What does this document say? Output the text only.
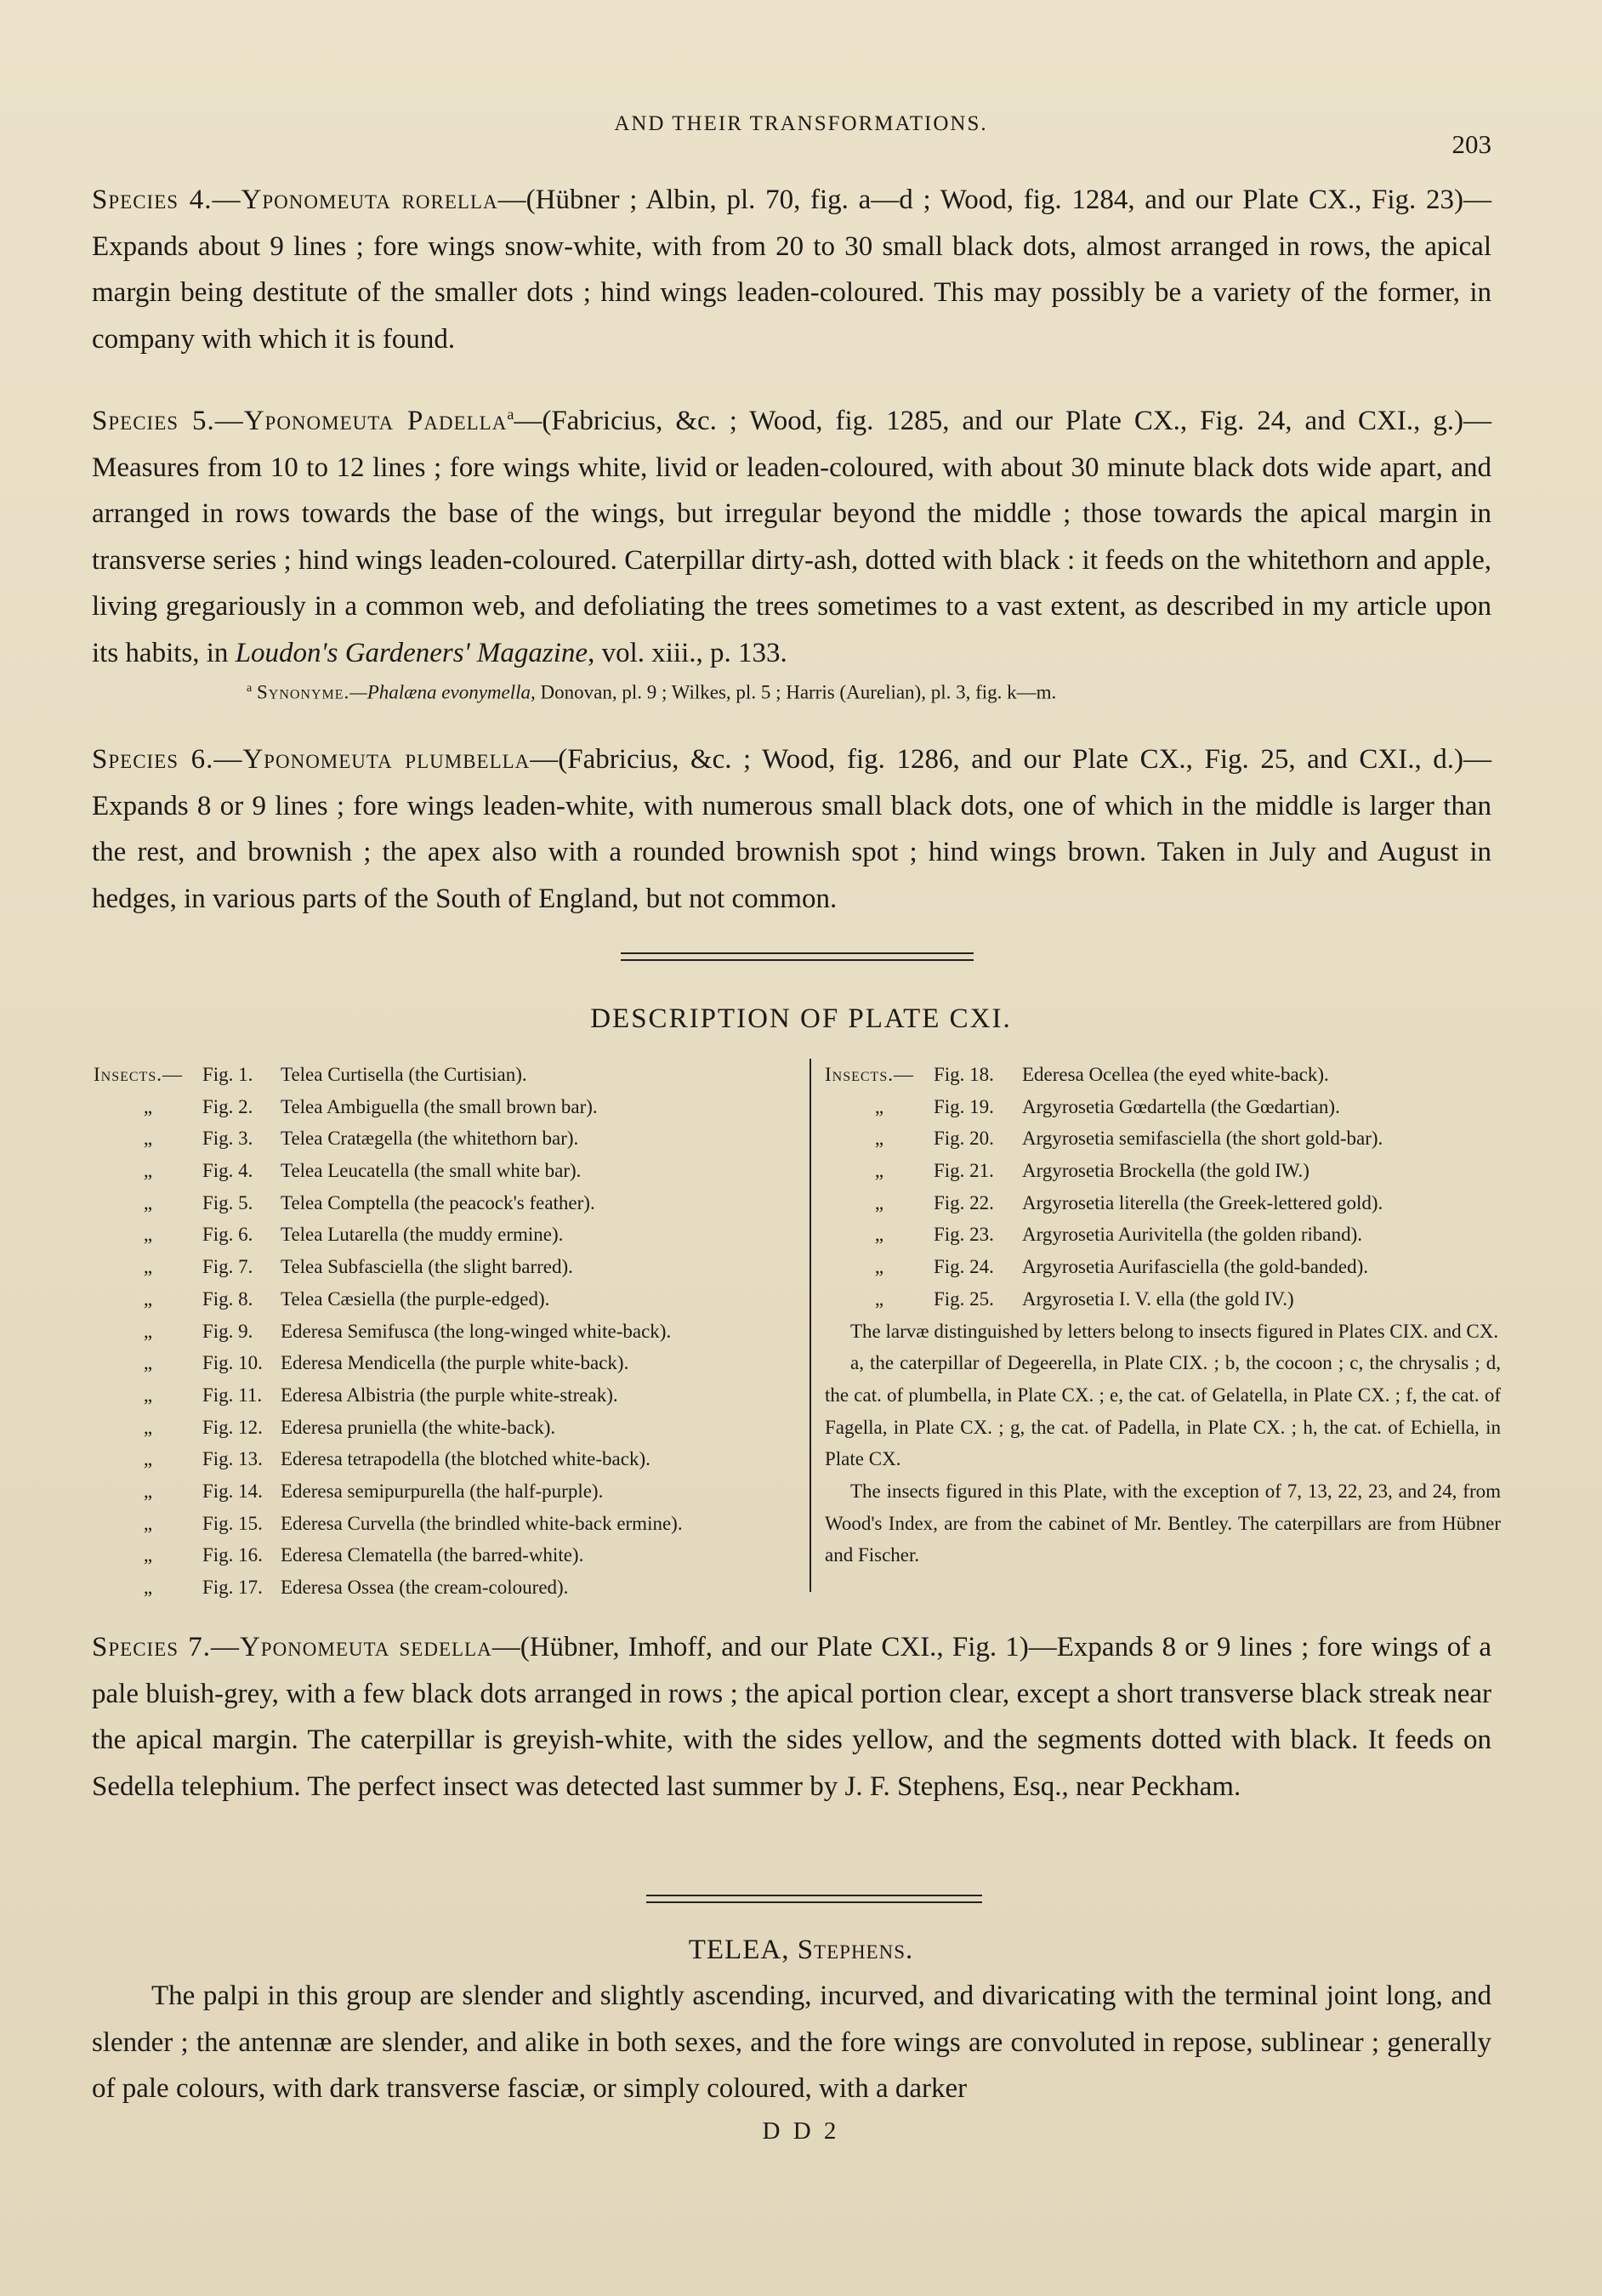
AND THEIR TRANSFORMATIONS.
203
Species 4.—Yponomeuta rorella—(Hübner ; Albin, pl. 70, fig. a—d ; Wood, fig. 1284, and our Plate CX., Fig. 23)—Expands about 9 lines ; fore wings snow-white, with from 20 to 30 small black dots, almost arranged in rows, the apical margin being destitute of the smaller dots ; hind wings leaden-coloured. This may possibly be a variety of the former, in company with which it is found.
Species 5.—Yponomeuta Padella$^a$—(Fabricius, &c. ; Wood, fig. 1285, and our Plate CX., Fig. 24, and CXI., g.)—Measures from 10 to 12 lines ; fore wings white, livid or leaden-coloured, with about 30 minute black dots wide apart, and arranged in rows towards the base of the wings, but irregular beyond the middle ; those towards the apical margin in transverse series ; hind wings leaden-coloured. Caterpillar dirty-ash, dotted with black : it feeds on the whitethorn and apple, living gregariously in a common web, and defoliating the trees sometimes to a vast extent, as described in my article upon its habits, in Loudon's Gardeners' Magazine, vol. xiii., p. 133.
$^a$ Synonyme.—Phalæna evonymella, Donovan, pl. 9 ; Wilkes, pl. 5 ; Harris (Aurelian), pl. 3, fig. k—m.
Species 6.—Yponomeuta plumbella—(Fabricius, &c. ; Wood, fig. 1286, and our Plate CX., Fig. 25, and CXI., d.)—Expands 8 or 9 lines ; fore wings leaden-white, with numerous small black dots, one of which in the middle is larger than the rest, and brownish ; the apex also with a rounded brownish spot ; hind wings brown. Taken in July and August in hedges, in various parts of the South of England, but not common.
DESCRIPTION OF PLATE CXI.
Insects.—	Fig. 1.	Telea Curtisella (the Curtisian).
„	Fig. 2.	Telea Ambiguella (the small brown bar).
„	Fig. 3.	Telea Cratægella (the whitethorn bar).
„	Fig. 4.	Telea Leucatella (the small white bar).
„	Fig. 5.	Telea Comptella (the peacock's feather).
„	Fig. 6.	Telea Lutarella (the muddy ermine).
„	Fig. 7.	Telea Subfasciella (the slight barred).
„	Fig. 8.	Telea Cæsiella (the purple-edged).
„	Fig. 9.	Ederesa Semifusca (the long-winged white-back).
„	Fig. 10. Ederesa Mendicella (the purple white-back).
„	Fig. 11. Ederesa Albistria (the purple white-streak).
„	Fig. 12. Ederesa pruniella (the white-back).
„	Fig. 13. Ederesa tetrapodella (the blotched white-back).
„	Fig. 14. Ederesa semipurpurella (the half-purple).
„	Fig. 15. Ederesa Curvella (the brindled white-back ermine).
„	Fig. 16. Ederesa Clematella (the barred-white).
„	Fig. 17. Ederesa Ossea (the cream-coloured).
Insects.—	Fig. 18.	Ederesa Ocellea (the eyed white-back).
„	Fig. 19.	Argyrosetia Gœdartella (the Gœdartian).
„	Fig. 20.	Argyrosetia semifasciella (the short gold-bar).
„	Fig. 21.	Argyrosetia Brockella (the gold IW.)
„	Fig. 22.	Argyrosetia literella (the Greek-lettered gold).
„	Fig. 23.	Argyrosetia Aurivitella (the golden riband).
„	Fig. 24.	Argyrosetia Aurifasciella (the gold-banded).
„	Fig. 25.	Argyrosetia I. V. ella (the gold IV.)
The larvæ distinguished by letters belong to insects figured in Plates CIX. and CX.
a, the caterpillar of Degeerella, in Plate CIX. ; b, the cocoon ; c, the chrysalis ; d, the cat. of plumbella, in Plate CX. ; e, the cat. of Gelatella, in Plate CX. ; f, the cat. of Fagella, in Plate CX. ; g, the cat. of Padella, in Plate CX. ; h, the cat. of Echiella, in Plate CX.
The insects figured in this Plate, with the exception of 7, 13, 22, 23, and 24, from Wood's Index, are from the cabinet of Mr. Bentley. The caterpillars are from Hübner and Fischer.
Species 7.—Yponomeuta sedella—(Hübner, Imhoff, and our Plate CXI., Fig. 1)—Expands 8 or 9 lines ; fore wings of a pale bluish-grey, with a few black dots arranged in rows ; the apical portion clear, except a short transverse black streak near the apical margin. The caterpillar is greyish-white, with the sides yellow, and the segments dotted with black. It feeds on Sedella telephium. The perfect insect was detected last summer by J. F. Stephens, Esq., near Peckham.
TELEA, Stephens.
The palpi in this group are slender and slightly ascending, incurved, and divaricating with the terminal joint long, and slender ; the antennæ are slender, and alike in both sexes, and the fore wings are convoluted in repose, sublinear ; generally of pale colours, with dark transverse fasciæ, or simply coloured, with a darker
D D 2
